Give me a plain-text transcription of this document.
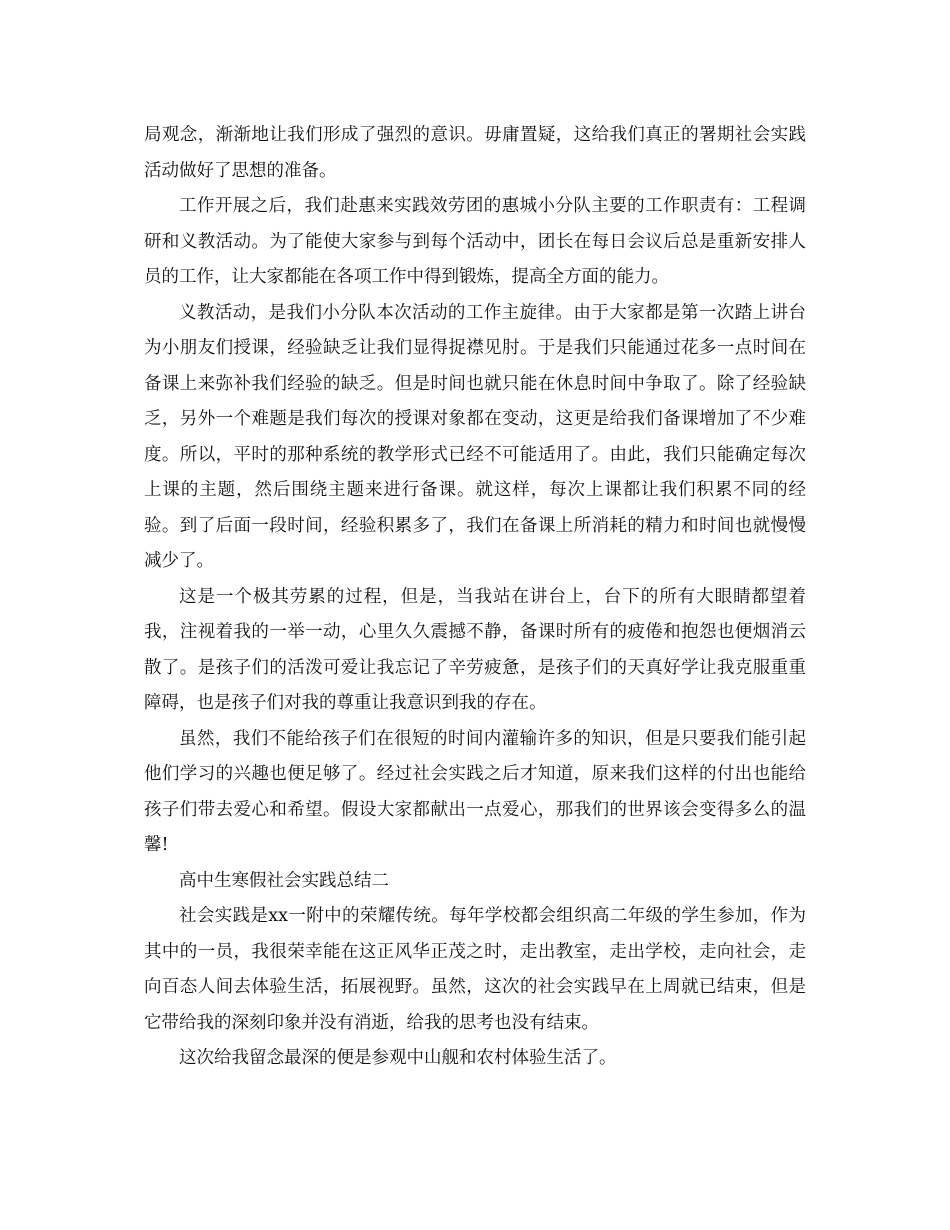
局观念，渐渐地让我们形成了强烈的意识。毋庸置疑，这给我们真正的署期社会实践活动做好了思想的准备。

工作开展之后，我们赴惠来实践效劳团的惠城小分队主要的工作职责有：工程调研和义教活动。为了能使大家参与到每个活动中，团长在每日会议后总是重新安排人员的工作，让大家都能在各项工作中得到锻炼，提高全方面的能力。

义教活动，是我们小分队本次活动的工作主旋律。由于大家都是第一次踏上讲台为小朋友们授课，经验缺乏让我们显得捉襟见肘。于是我们只能通过花多一点时间在备课上来弥补我们经验的缺乏。但是时间也就只能在休息时间中争取了。除了经验缺乏，另外一个难题是我们每次的授课对象都在变动，这更是给我们备课增加了不少难度。所以，平时的那种系统的教学形式已经不可能适用了。由此，我们只能确定每次上课的主题，然后围绕主题来进行备课。就这样，每次上课都让我们积累不同的经验。到了后面一段时间，经验积累多了，我们在备课上所消耗的精力和时间也就慢慢减少了。

这是一个极其劳累的过程，但是，当我站在讲台上，台下的所有大眼睛都望着我，注视着我的一举一动，心里久久震撼不静，备课时所有的疲倦和抱怨也便烟消云散了。是孩子们的活泼可爱让我忘记了辛劳疲惫，是孩子们的天真好学让我克服重重障碍，也是孩子们对我的尊重让我意识到我的存在。

虽然，我们不能给孩子们在很短的时间内灌输许多的知识，但是只要我们能引起他们学习的兴趣也便足够了。经过社会实践之后才知道，原来我们这样的付出也能给孩子们带去爱心和希望。假设大家都献出一点爱心，那我们的世界该会变得多么的温馨!

高中生寒假社会实践总结二

社会实践是xx一附中的荣耀传统。每年学校都会组织高二年级的学生参加，作为其中的一员，我很荣幸能在这正风华正茂之时，走出教室，走出学校，走向社会，走向百态人间去体验生活，拓展视野。虽然，这次的社会实践早在上周就已结束，但是它带给我的深刻印象并没有消逝，给我的思考也没有结束。

这次给我留念最深的便是参观中山舰和农村体验生活了。
